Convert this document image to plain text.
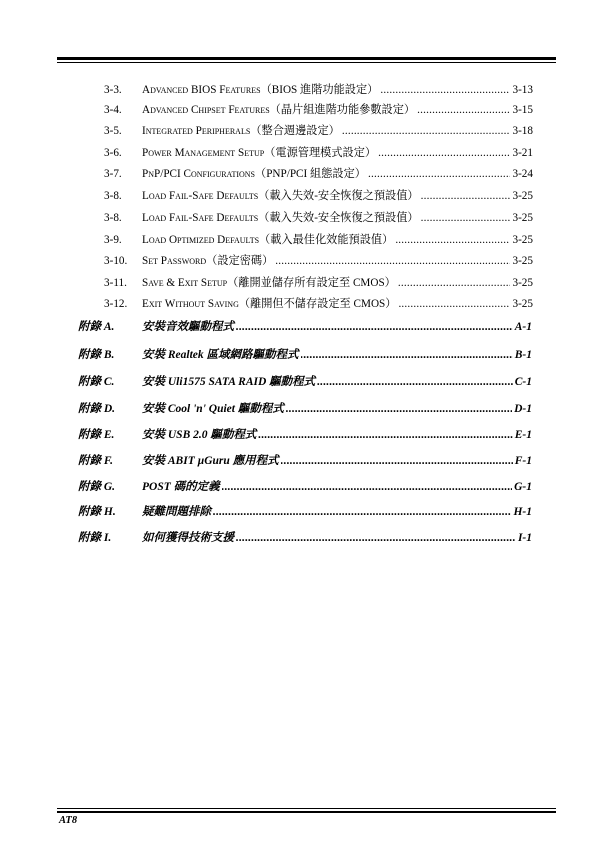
3-3.	Advanced BIOS Features （BIOS 進階功能設定） .....	3-13
3-4.	Advanced Chipset Features （晶片組進階功能參數設定） .....	3-15
3-5.	Integrated Peripherals （整合週邊設定） .....	3-18
3-6.	Power Management Setup （電源管理模式設定） .....	3-21
3-7.	PnP/PCI Configurations （PNP/PCI 組態設定） .....	3-24
3-8.	Load Fail-Safe Defaults （載入失效-安全恢復之預設值） .....	3-25
3-8.	Load Fail-Safe Defaults （載入失效-安全恢復之預設值） .....	3-25
3-9.	Load Optimized Defaults （載入最佳化效能預設值） .....	3-25
3-10.	Set Password （設定密碼） .....	3-25
3-11.	Save & Exit Setup （離開並儲存所有設定至 CMOS） .....	3-25
3-12.	Exit Without Saving （離開但不儲存設定至 CMOS） .....	3-25
附錄 A.	安裝音效驅動程式 .....	A-1
附錄 B.	安裝 Realtek 區域網路驅動程式 .....	B-1
附錄 C.	安裝 Uli1575 SATA RAID 驅動程式 .....	C-1
附錄 D.	安裝 Cool 'n' Quiet 驅動程式 .....	D-1
附錄 E.	安裝 USB 2.0 驅動程式 .....	E-1
附錄 F.	安裝 ABIT µGuru 應用程式 .....	F-1
附錄 G.	POST 碼的定義 .....	G-1
附錄 H.	疑難問題排除 .....	H-1
附錄 I.	如何獲得技術支援 .....	I-1
AT8
